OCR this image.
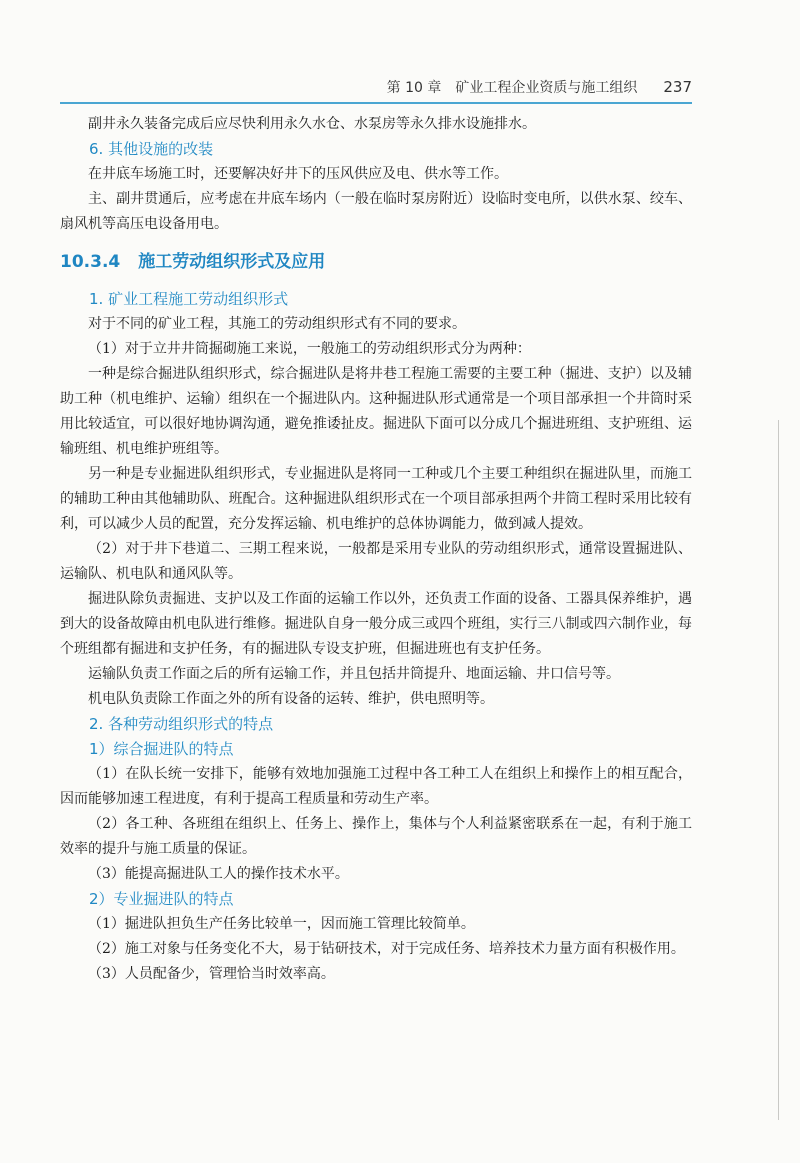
第 10 章　矿业工程企业资质与施工组织 237

副井永久装备完成后应尽快利用永久水仓、水泵房等永久排水设施排水。

6. 其他设施的改装

在井底车场施工时，还要解决好井下的压风供应及电、供水等工作。

主、副井贯通后，应考虑在井底车场内（一般在临时泵房附近）设临时变电所，以供水泵、绞车、扇风机等高压电设备用电。

10.3.4 施工劳动组织形式及应用
1. 矿业工程施工劳动组织形式

对于不同的矿业工程，其施工的劳动组织形式有不同的要求。

（1）对于立井井筒掘砌施工来说，一般施工的劳动组织形式分为两种：

一种是综合掘进队组织形式，综合掘进队是将井巷工程施工需要的主要工种（掘进、支护）以及辅助工种（机电维护、运输）组织在一个掘进队内。这种掘进队形式通常是一个项目部承担一个井筒时采用比较适宜，可以很好地协调沟通，避免推诿扯皮。掘进队下面可以分成几个掘进班组、支护班组、运输班组、机电维护班组等。

另一种是专业掘进队组织形式，专业掘进队是将同一工种或几个主要工种组织在掘进队里，而施工的辅助工种由其他辅助队、班配合。这种掘进队组织形式在一个项目部承担两个井筒工程时采用比较有利，可以减少人员的配置，充分发挥运输、机电维护的总体协调能力，做到减人提效。

（2）对于井下巷道二、三期工程来说，一般都是采用专业队的劳动组织形式，通常设置掘进队、运输队、机电队和通风队等。

掘进队除负责掘进、支护以及工作面的运输工作以外，还负责工作面的设备、工器具保养维护，遇到大的设备故障由机电队进行维修。掘进队自身一般分成三或四个班组，实行三八制或四六制作业，每个班组都有掘进和支护任务，有的掘进队专设支护班，但掘进班也有支护任务。

运输队负责工作面之后的所有运输工作，并且包括井筒提升、地面运输、井口信号等。

机电队负责除工作面之外的所有设备的运转、维护，供电照明等。

2. 各种劳动组织形式的特点
1）综合掘进队的特点

（1）在队长统一安排下，能够有效地加强施工过程中各工种工人在组织上和操作上的相互配合，因而能够加速工程进度，有利于提高工程质量和劳动生产率。

（2）各工种、各班组在组织上、任务上、操作上，集体与个人利益紧密联系在一起，有利于施工效率的提升与施工质量的保证。

（3）能提高掘进队工人的操作技术水平。

2）专业掘进队的特点

（1）掘进队担负生产任务比较单一，因而施工管理比较简单。

（2）施工对象与任务变化不大，易于钻研技术，对于完成任务、培养技术力量方面有积极作用。

（3）人员配备少，管理恰当时效率高。
